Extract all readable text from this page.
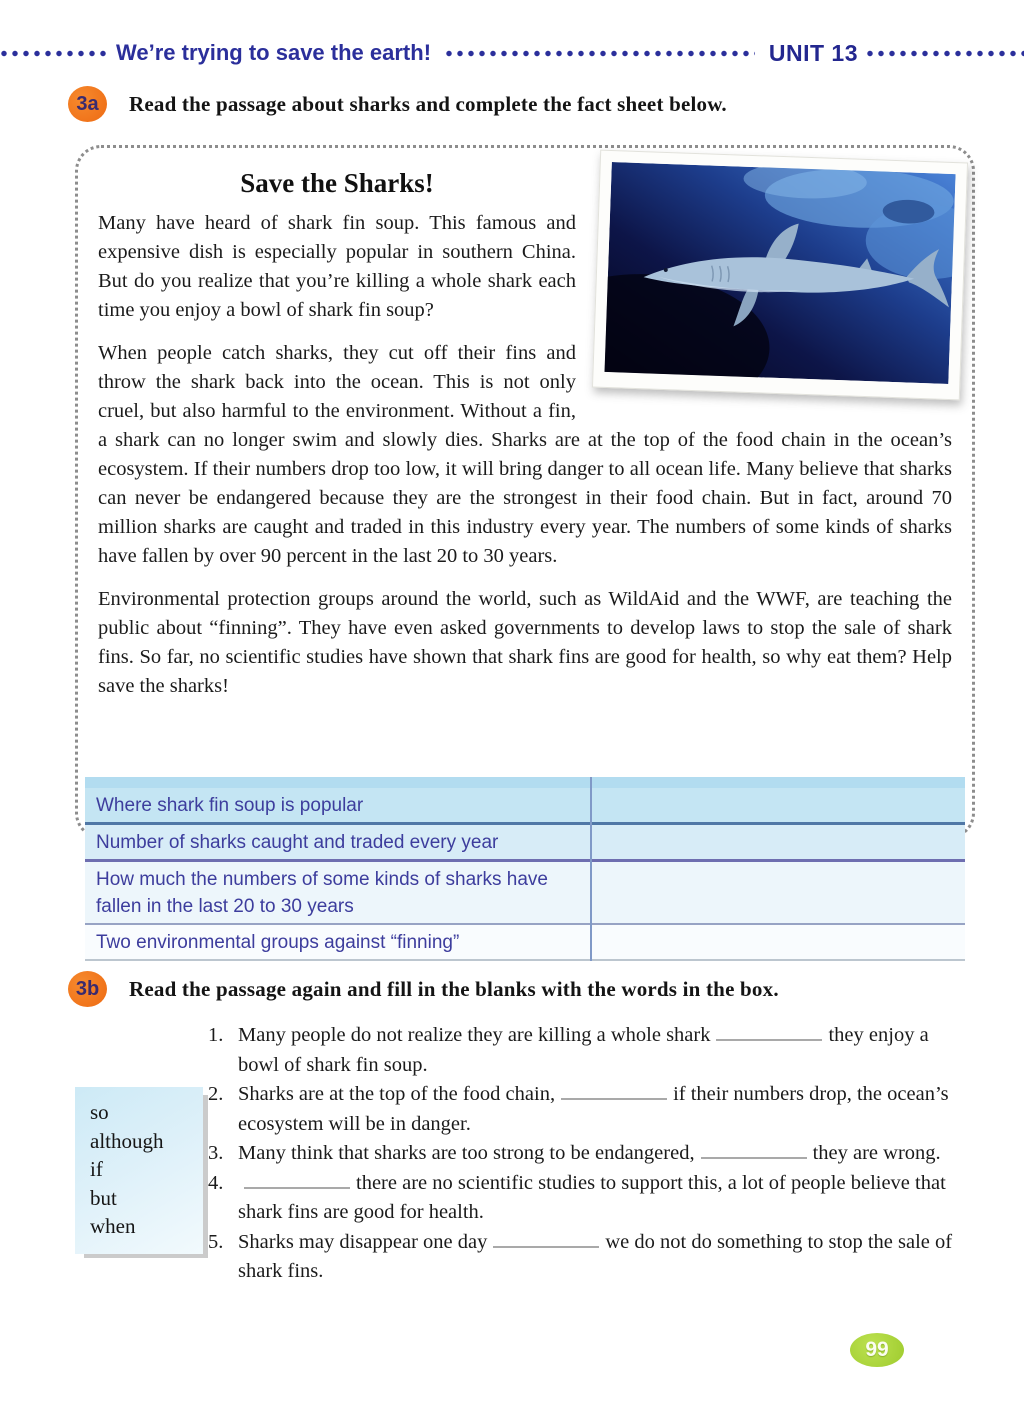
We’re trying to save the earth!	UNIT 13
3a	Read the passage about sharks and complete the fact sheet below.
Save the Sharks!

Many have heard of shark fin soup. This famous and expensive dish is especially popular in southern China. But do you realize that you’re killing a whole shark each time you enjoy a bowl of shark fin soup?

When people catch sharks, they cut off their fins and throw the shark back into the ocean. This is not only cruel, but also harmful to the environment. Without a fin, a shark can no longer swim and slowly dies. Sharks are at the top of the food chain in the ocean’s ecosystem. If their numbers drop too low, it will bring danger to all ocean life. Many believe that sharks can never be endangered because they are the strongest in their food chain. But in fact, around 70 million sharks are caught and traded in this industry every year. The numbers of some kinds of sharks have fallen by over 90 percent in the last 20 to 30 years.

Environmental protection groups around the world, such as WildAid and the WWF, are teaching the public about “finning”. They have even asked governments to develop laws to stop the sale of shark fins. So far, no scientific studies have shown that shark fins are good for health, so why eat them? Help save the sharks!

Where shark fin soup is popular
Number of sharks caught and traded every year
How much the numbers of some kinds of sharks have fallen in the last 20 to 30 years
Two environmental groups against “finning”
3b	Read the passage again and fill in the blanks with the words in the box.
so
although
if
but
when
1. Many people do not realize they are killing a whole shark	they enjoy a bowl of shark fin soup.
2. Sharks are at the top of the food chain,	if their numbers drop, the ocean’s ecosystem will be in danger.
3. Many think that sharks are too strong to be endangered,	they are wrong.
4.	there are no scientific studies to support this, a lot of people believe that shark fins are good for health.
5. Sharks may disappear one day	we do not do something to stop the sale of shark fins.
99
